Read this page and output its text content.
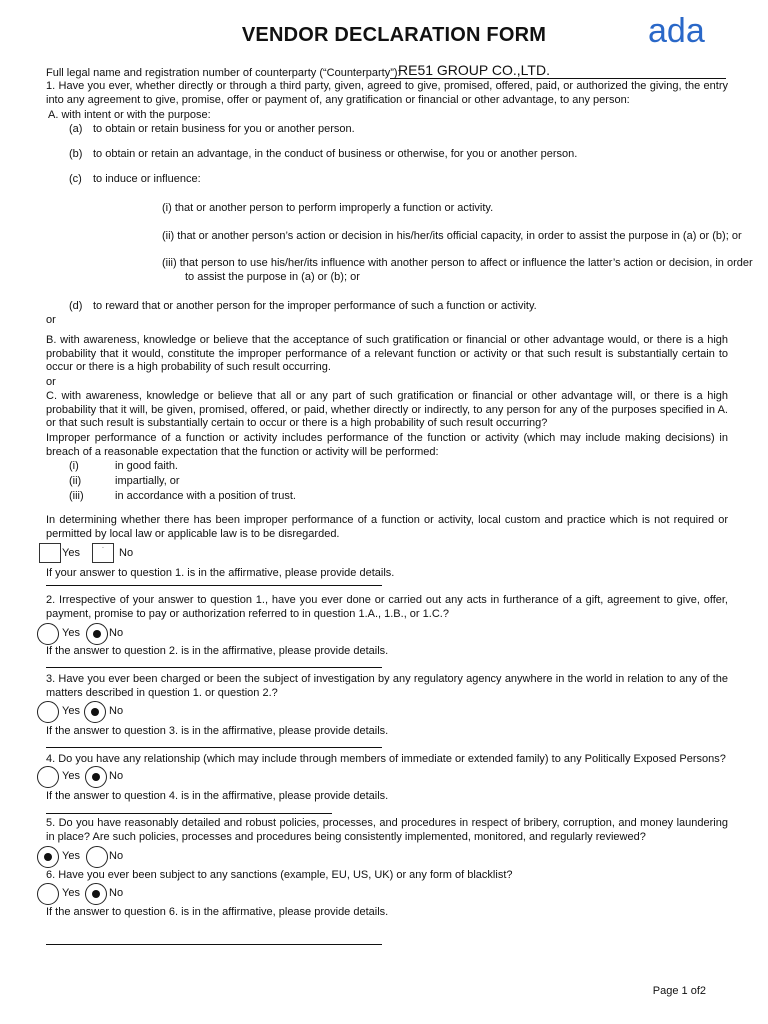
VENDOR DECLARATION FORM	ada
Full legal name and registration number of counterparty (“Counterparty”):
RE51 GROUP CO.,LTD.
1. Have you ever, whether directly or through a third party, given, agreed to give, promised, offered, paid, or authorized the giving, the entry into any agreement to give, promise, offer or payment of, any gratification or financial or other advantage, to any person:
A. with intent or with the purpose:
(a) to obtain or retain business for you or another person.
(b) to obtain or retain an advantage, in the conduct of business or otherwise, for you or another person.
(c) to induce or influence:
(i) that or another person to perform improperly a function or activity.
(ii) that or another person’s action or decision in his/her/its official capacity, in order to assist the purpose in (a) or (b); or
(iii) that person to use his/her/its influence with another person to affect or influence the latter’s action or decision, in order
to assist the purpose in (a) or (b); or
(d) to reward that or another person for the improper performance of such a function or activity.
or
B. with awareness, knowledge or believe that the acceptance of such gratification or financial or other advantage would, or there is a high probability that it would, constitute the improper performance of a relevant function or activity or that such result is substantially certain to occur or there is a high probability of such result occurring.
or
C. with awareness, knowledge or believe that all or any part of such gratification or financial or other advantage will, or there is a high probability that it will, be given, promised, offered, or paid, whether directly or indirectly, to any person for any of the purposes specified in A. or that such result is substantially certain to occur or there is a high probability of such result occurring?
Improper performance of a function or activity includes performance of the function or activity (which may include making decisions) in breach of a reasonable expectation that the function or activity will be performed:
(i)	in good faith.
(ii)	impartially, or
(iii)	in accordance with a position of trust.
In determining whether there has been improper performance of a function or activity, local custom and practice which is not required or permitted by local law or applicable law is to be disregarded.
Yes	˙ No
If your answer to question 1. is in the affirmative, please provide details.
2. Irrespective of your answer to question 1., have you ever done or carried out any acts in furtherance of a gift, agreement to give, offer, payment, promise to pay or authorization referred to in question 1.A., 1.B., or 1.C.?
Yes	No
If the answer to question 2. is in the affirmative, please provide details.
3. Have you ever been charged or been the subject of investigation by any regulatory agency anywhere in the world in relation to any of the matters described in question 1. or question 2.?
Yes	No
If the answer to question 3. is in the affirmative, please provide details.
4. Do you have any relationship (which may include through members of immediate or extended family) to any Politically Exposed Persons?
Yes	No
If the answer to question 4. is in the affirmative, please provide details.
5. Do you have reasonably detailed and robust policies, processes, and procedures in respect of bribery, corruption, and money laundering in place? Are such policies, processes and procedures being consistently implemented, monitored, and regularly reviewed?
Yes	No
6. Have you ever been subject to any sanctions (example, EU, US, UK) or any form of blacklist?
Yes	No
If the answer to question 6. is in the affirmative, please provide details.
Page 1 of2
